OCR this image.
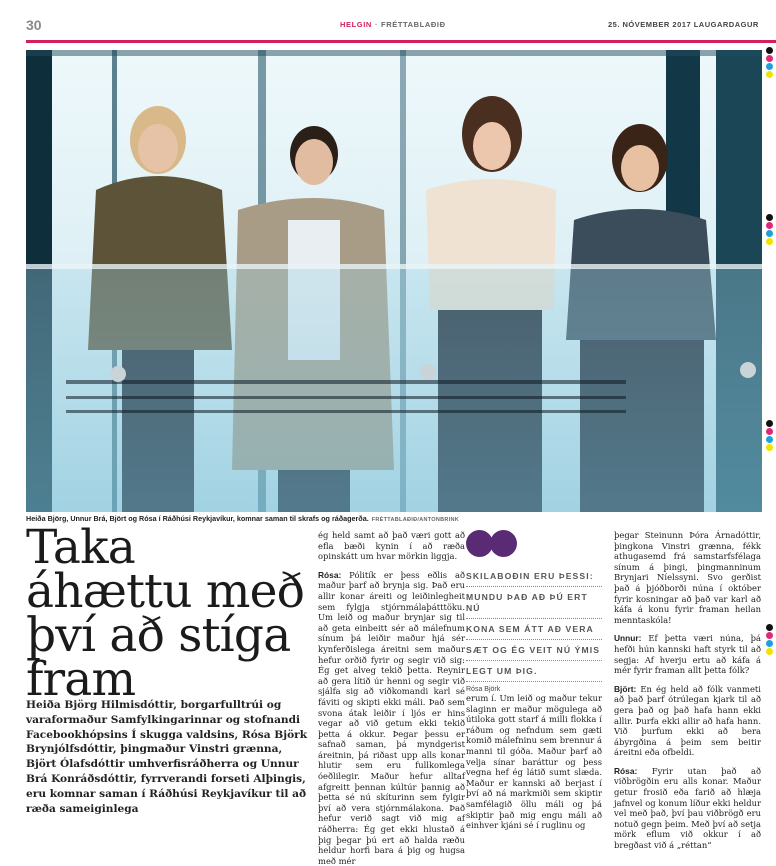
30	HELGIN · FRÉTTABLAÐIÐ	25. NÓVEMBER 2017 LAUGARDAGUR
Heiða Björg, Unnur Brá, Björt og Rósa í Ráðhúsi Reykjavíkur, komnar saman til skrafs og ráðagerða. FRÉTTABLAÐIÐ/ANTONBRINK
Taka áhættu með því að stíga fram

Heiða Björg Hilmisdóttir, borgarfulltrúi og varaformaður Samfylkingarinnar og stofnandi Facebookhópsins Í skugga valdsins, Rósa Björk Brynjólfsdóttir, þingmaður Vinstri grænna, Björt Ólafsdóttir umhverfisráðherra og Unnur Brá Konráðsdóttir, fyrrverandi forseti Alþingis, eru komnar saman í Ráðhúsi Reykjavíkur til að ræða sameiginlega

ég held samt að það væri gott að efla bæði kynin í að ræða opinskátt um hvar mörkin liggja.

Rósa: Pólitík er þess eðlis að maður þarf að brynja sig. Það eru allir konar áreiti og leiðinlegheit sem fylgja stjórnmálaþátttöku. Um leið og maður brynjar sig til að geta einbeitt sér að málefnum sínum þá leiðir maður hjá sér kynferðislega áreitni sem maður hefur orðið fyrir og segir við sig: Ég get alveg tekið þetta. Reynir að gera lítið úr henni og segir við sjálfa sig að viðkomandi karl sé fáviti og skipti ekki máli. Það sem svona átak leiðir í ljós er hins vegar að við getum ekki tekið þetta á okkur. Þegar þessu er safnað saman, þá myndgerist áreitnin, þá riðast upp alls konar hlutir sem eru fullkomlega óeðlilegir. Maður hefur alltaf afgreitt þennan kúltúr þannig að þetta sé nú skíturinn sem fylgir því að vera stjórnmálakona. Það hefur verið sagt við mig af ráðherra: Ég get ekki hlustað á þig þegar þú ert að halda ræðu heldur horfi bara á þig og hugsa með mér

SKILABOÐIN ERU ÞESSI:
MUNDU ÞAÐ AÐ ÞÚ ERT NÚ
KONA SEM ÁTT AÐ VERA
SÆT OG ÉG VEIT NÚ ÝMIS
LEGT UM ÞIG.
Rósa Björk

erum í. Um leið og maður tekur slaginn er maður mögulega að útiloka gott starf á milli flokka í ráðum og nefndum sem gæti komið málefninu sem brennur á manni til góða. Maður þarf að velja sínar baráttur og þess vegna hef ég látið sumt slæda. Maður er kannski að berjast í því að ná markmiði sem skiptir samfélagið öllu máli og þá skiptir það mig engu máli að einhver kjáni sé í ruglinu og

þegar Steinunn Þóra Árnadóttir, þingkona Vinstri grænna, fékk athugasemd frá samstarfsfélaga sínum á þingi, þingmanninum Brynjari Níelssyni. Svo gerðist það á þjóðborði núna í október fyrir kosningar að það var karl að káfa á konu fyrir framan heilan menntaskóla!

Unnur: Ef þetta væri núna, þá hefði hún kannski haft styrk til að segja: Af hverju ertu að káfa á mér fyrir framan allt þetta fólk?

Björt: En ég held að fólk vanmeti að það þarf ótrúlegan kjark til að gera það og það hafa hann ekki allir. Þurfa ekki allir að hafa hann. Við þurfum ekki að bera ábyrgðina á þeim sem beitir áreitni eða ofbeldi.

Rósa: Fyrir utan það að viðbrögðin eru alls konar. Maður getur frosið eða farið að hlæja jafnvel og konum líður ekki heldur vel með það, því þau viðbrögð eru notuð gegn þeim. Með því að setja mörk eflum við okkur í að bregðast við á „réttan“
